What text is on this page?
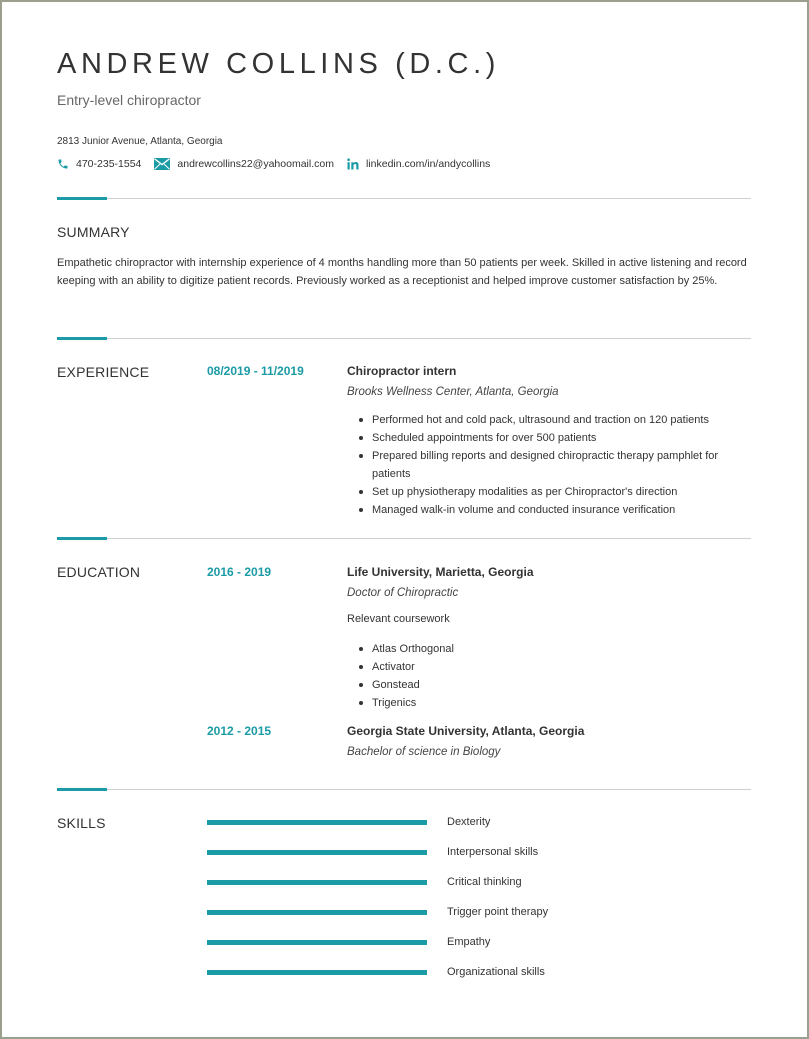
ANDREW COLLINS (D.C.)
Entry-level chiropractor
2813 Junior Avenue, Atlanta, Georgia
470-235-1554	andrewcollins22@yahoomail.com	linkedin.com/in/andycollins
SUMMARY
Empathetic chiropractor with internship experience of 4 months handling more than 50 patients per week. Skilled in active listening and record keeping with an ability to digitize patient records. Previously worked as a receptionist and helped improve customer satisfaction by 25%.
EXPERIENCE	08/2019 - 11/2019	Chiropractor intern
Brooks Wellness Center, Atlanta, Georgia
Performed hot and cold pack, ultrasound and traction on 120 patients
Scheduled appointments for over 500 patients
Prepared billing reports and designed chiropractic therapy pamphlet for patients
Set up physiotherapy modalities as per Chiropractor's direction
Managed walk-in volume and conducted insurance verification
EDUCATION	2016 - 2019	Life University, Marietta, Georgia
Doctor of Chiropractic
Relevant coursework
Atlas Orthogonal
Activator
Gonstead
Trigenics
2012 - 2015	Georgia State University, Atlanta, Georgia
Bachelor of science in Biology
SKILLS	Dexterity
Interpersonal skills
Critical thinking
Trigger point therapy
Empathy
Organizational skills
